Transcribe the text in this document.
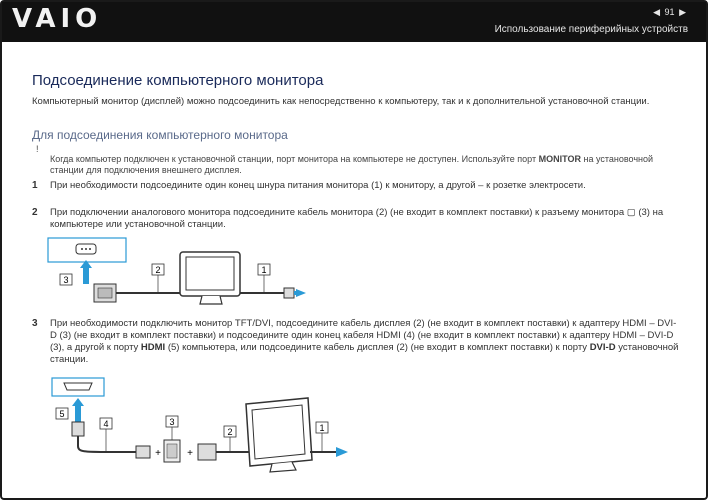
VAIO	◀ 91 ▶
Использование периферийных устройств
Подсоединение компьютерного монитора
Компьютерный монитор (дисплей) можно подсоединить как непосредственно к компьютеру, так и к дополнительной установочной станции.
Для подсоединения компьютерного монитора
!
Когда компьютер подключен к установочной станции, порт монитора на компьютере не доступен. Используйте порт MONITOR на установочной станции для подключения внешнего дисплея.
1 При необходимости подсоедините один конец шнура питания монитора (1) к монитору, а другой – к розетке электросети.
2 При подключении аналогового монитора подсоедините кабель монитора (2) (не входит в комплект поставки) к разъему монитора ▢ (3) на компьютере или установочной станции.
3
2	1
3 При необходимости подключить монитор TFT/DVI, подсоедините кабель дисплея (2) (не входит в комплект поставки) к адаптеру HDMI – DVI-D (3) (не входит в комплект поставки) и подсоедините один конец кабеля HDMI (4) (не входит в комплект поставки) к адаптеру HDMI – DVI-D (3), а другой к порту HDMI (5) компьютера, или подсоедините кабель дисплея (2) (не входит в комплект поставки) к порту DVI-D установочной станции.
5
4
+
3
+
2	1
